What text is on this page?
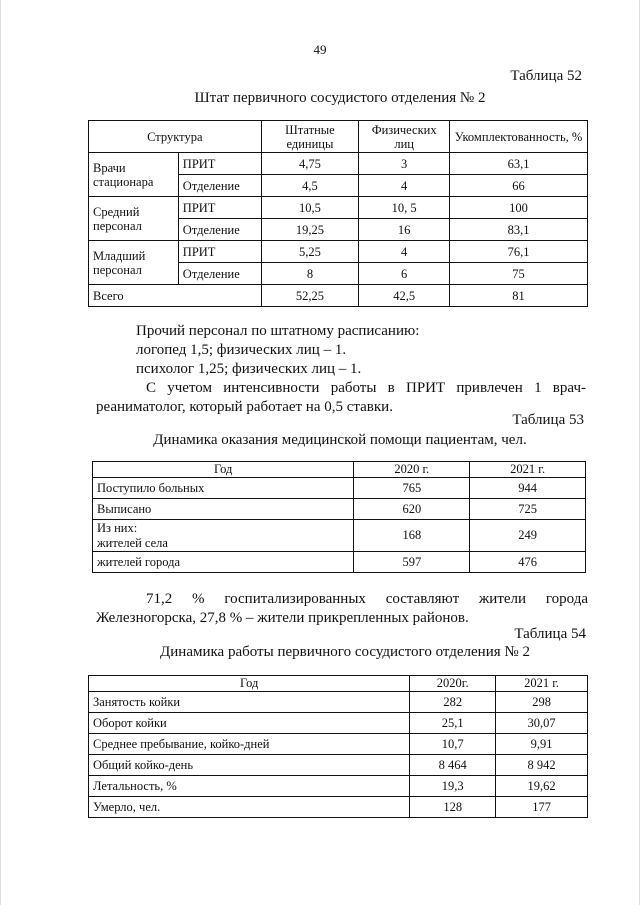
49
Таблица 52
Штат первичного сосудистого отделения № 2
Структура		Штатные единицы	Физических лиц	Укомплектованность, %
Врачи стационара	ПРИТ	4,75	3	63,1
	Отделение	4,5	4	66
Средний персонал	ПРИТ	10,5	10, 5	100
	Отделение	19,25	16	83,1
Младший персонал	ПРИТ	5,25	4	76,1
	Отделение	8	6	75
Всего		52,25	42,5	81
Прочий персонал по штатному расписанию:
логопед 1,5; физических лиц – 1.
психолог 1,25; физических лиц – 1.
С учетом интенсивности работы в ПРИТ привлечен 1 врач-
реаниматолог, который работает на 0,5 ставки.
Таблица 53
Динамика оказания медицинской помощи пациентам, чел.
Год	2020 г.	2021 г.
Поступило больных	765	944
Выписано	620	725
Из них:
жителей села	168	249
жителей города	597	476
71,2 % госпитализированных составляют жители города
Железногорска, 27,8 % – жители прикрепленных районов.
Таблица 54
Динамика работы первичного сосудистого отделения № 2
Год	2020г.	2021 г.
Занятость койки	282	298
Оборот койки	25,1	30,07
Среднее пребывание, койко-дней	10,7	9,91
Общий койко-день	8 464	8 942
Летальность, %	19,3	19,62
Умерло, чел.	128	177
